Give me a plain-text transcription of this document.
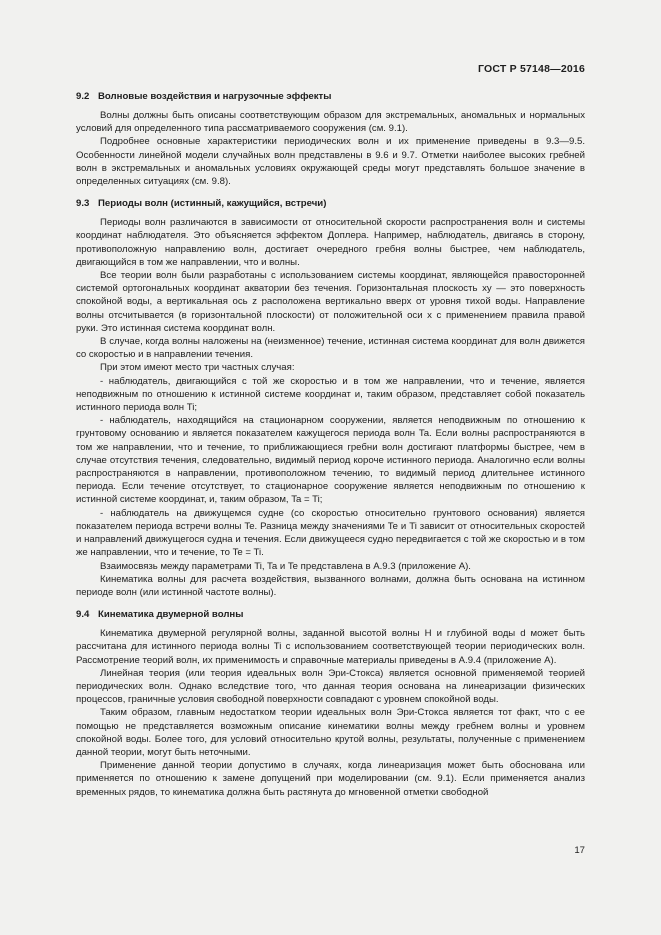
ГОСТ Р 57148—2016
9.2 Волновые воздействия и нагрузочные эффекты

Волны должны быть описаны соответствующим образом для экстремальных, аномальных и нормальных условий для определенного типа рассматриваемого сооружения (см. 9.1).

Подробнее основные характеристики периодических волн и их применение приведены в 9.3—9.5. Особенности линейной модели случайных волн представлены в 9.6 и 9.7. Отметки наиболее высоких гребней волн в экстремальных и аномальных условиях окружающей среды могут представлять большое значение в определенных ситуациях (см. 9.8).

9.3 Периоды волн (истинный, кажущийся, встречи)

Периоды волн различаются в зависимости от относительной скорости распространения волн и системы координат наблюдателя. Это объясняется эффектом Доплера. Например, наблюдатель, двигаясь в сторону, противоположную направлению волн, достигает очередного гребня волны быстрее, чем наблюдатель, двигающийся в том же направлении, что и волны.

Все теории волн были разработаны с использованием системы координат, являющейся правосторонней системой ортогональных координат акватории без течения. Горизонтальная плоскость xy — это поверхность спокойной воды, а вертикальная ось z расположена вертикально вверх от уровня тихой воды. Направление волны отсчитывается (в горизонтальной плоскости) от положительной оси x с применением правила правой руки. Это истинная система координат волн.

В случае, когда волны наложены на (неизменное) течение, истинная система координат для волн движется со скоростью и в направлении течения.

При этом имеют место три частных случая:

- наблюдатель, двигающийся с той же скоростью и в том же направлении, что и течение, является неподвижным по отношению к истинной системе координат и, таким образом, представляет собой показатель истинного периода волн Ti;

- наблюдатель, находящийся на стационарном сооружении, является неподвижным по отношению к грунтовому основанию и является показателем кажущегося периода волн Ta. Если волны распространяются в том же направлении, что и течение, то приближающиеся гребни волн достигают платформы быстрее, чем в случае отсутствия течения, следовательно, видимый период короче истинного периода. Аналогично если волны распространяются в направлении, противоположном течению, то видимый период длительнее истинного периода. Если течение отсутствует, то стационарное сооружение является неподвижным по отношению к истинной системе координат, и, таким образом, Ta = Ti;

- наблюдатель на движущемся судне (со скоростью относительно грунтового основания) является показателем периода встречи волны Te. Разница между значениями Te и Ti зависит от относительных скоростей и направлений движущегося судна и течения. Если движущееся судно передвигается с той же скоростью и в том же направлении, что и течение, то Te = Ti.

Взаимосвязь между параметрами Ti, Ta и Te представлена в А.9.3 (приложение А).

Кинематика волны для расчета воздействия, вызванного волнами, должна быть основана на истинном периоде волн (или истинной частоте волны).

9.4 Кинематика двумерной волны

Кинематика двумерной регулярной волны, заданной высотой волны H и глубиной воды d может быть рассчитана для истинного периода волны Ti с использованием соответствующей теории периодических волн. Рассмотрение теорий волн, их применимость и справочные материалы приведены в А.9.4 (приложение А).

Линейная теория (или теория идеальных волн Эри-Стокса) является основной применяемой теорией периодических волн. Однако вследствие того, что данная теория основана на линеаризации физических процессов, граничные условия свободной поверхности совпадают с уровнем спокойной воды.

Таким образом, главным недостатком теории идеальных волн Эри-Стокса является тот факт, что с ее помощью не представляется возможным описание кинематики волны между гребнем волны и уровнем спокойной воды. Более того, для условий относительно крутой волны, результаты, полученные с применением данной теории, могут быть неточными.

Применение данной теории допустимо в случаях, когда линеаризация может быть обоснована или применяется по отношению к замене допущений при моделировании (см. 9.1). Если применяется анализ временных рядов, то кинематика должна быть растянута до мгновенной отметки свободной

17
